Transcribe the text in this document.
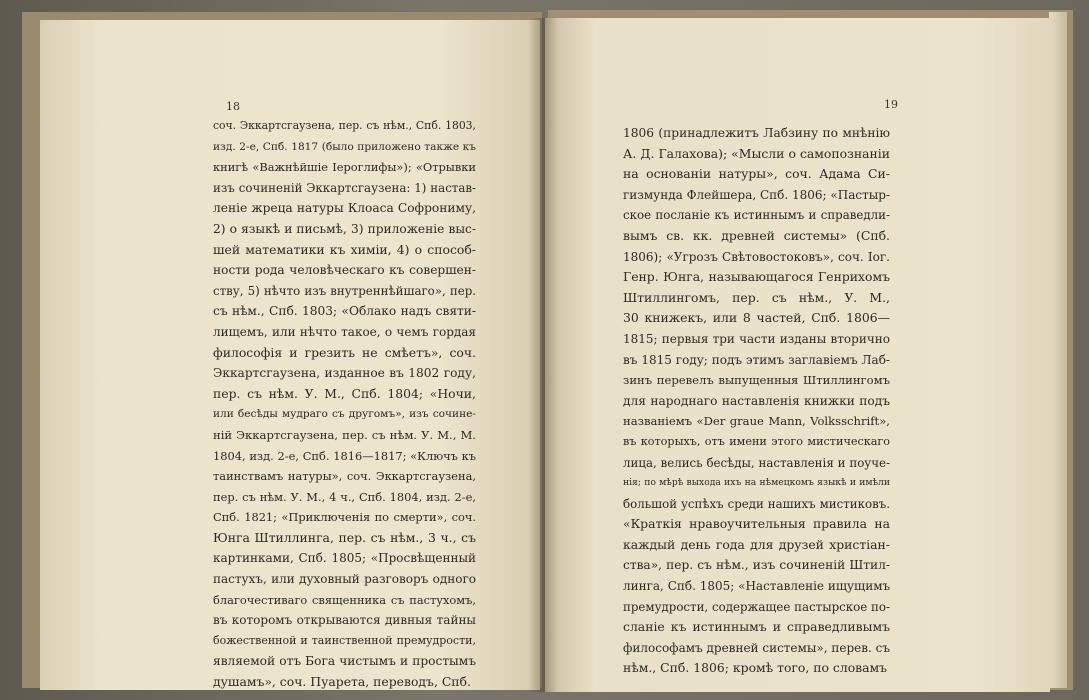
18	19
соч. Эккартсгаузена, пер. съ нѣм., Спб. 1803,
изд. 2-е, Спб. 1817 (было приложено также къ
книгѣ «Важнѣйшіе Іероглифы»); «Отрывки
изъ сочиненій Эккартсгаузена: 1) настав-
леніе жреца натуры Клоаса Софрониму,
2) о языкѣ и письмѣ, 3) приложеніе выс-
шей математики къ химіи, 4) о способ-
ности рода человѣческаго къ совершен-
ству, 5) нѣчто изъ внутреннѣйшаго», пер.
съ нѣм., Спб. 1803; «Облако надъ святи-
лищемъ, или нѣчто такое, о чемъ гордая
философія и грезить не смѣетъ», соч.
Эккартсгаузена, изданное въ 1802 году,
пер. съ нѣм. У. М., Спб. 1804; «Ночи,
или бесѣды мудраго съ другомъ», изъ сочине-
ній Эккартсгаузена, пер. съ нѣм. У. М., М.
1804, изд. 2-е, Спб. 1816—1817; «Ключъ къ
таинствамъ натуры», соч. Эккартсгаузена,
пер. съ нѣм. У. М., 4 ч., Спб. 1804, изд. 2-е,
Спб. 1821; «Приключенія по смерти», соч.
Юнга Штиллинга, пер. съ нѣм., 3 ч., съ
картинками, Спб. 1805; «Просвѣщенный
пастухъ, или духовный разговоръ одного
благочестиваго священника съ пастухомъ,
въ которомъ открываются дивныя тайны
божественной и таинственной премудрости,
являемой отъ Бога чистымъ и простымъ
душамъ», соч. Пуарета, переводъ, Спб.
1806 (принадлежитъ Лабзину по мнѣнію
А. Д. Галахова); «Мысли о самопознаніи
на основаніи натуры», соч. Адама Си-
гизмунда Флейшера, Спб. 1806; «Пастыр-
ское посланіе къ истиннымъ и справедли-
вымъ св. кк. древней системы» (Спб.
1806); «Угрозъ Свѣтовостоковъ», соч. Іог.
Генр. Юнга, называющагося Генрихомъ
Штиллингомъ, пер. съ нѣм., У. М.,
30 книжекъ, или 8 частей, Спб. 1806—
1815; первыя три части изданы вторично
въ 1815 году; подъ этимъ заглавіемъ Лаб-
зинъ перевелъ выпущенныя Штиллингомъ
для народнаго наставленія книжки подъ
названіемъ «Der graue Mann, Volksschrift»,
въ которыхъ, отъ имени этого мистическаго
лица, велись бесѣды, наставленія и поуче-
нія; по мѣрѣ выхода ихъ на нѣмецкомъ языкѣ и имѣли
большой успѣхъ среди нашихъ мистиковъ.
«Краткія нравоучительныя правила на
каждый день года для друзей христіан-
ства», пер. съ нѣм., изъ сочиненій Штил-
линга, Спб. 1805; «Наставленіе ищущимъ
премудрости, содержащее пастырское по-
сланіе къ истиннымъ и справедливымъ
философамъ древней системы», перев. съ
нѣм., Спб. 1806; кромѣ того, по словамъ
